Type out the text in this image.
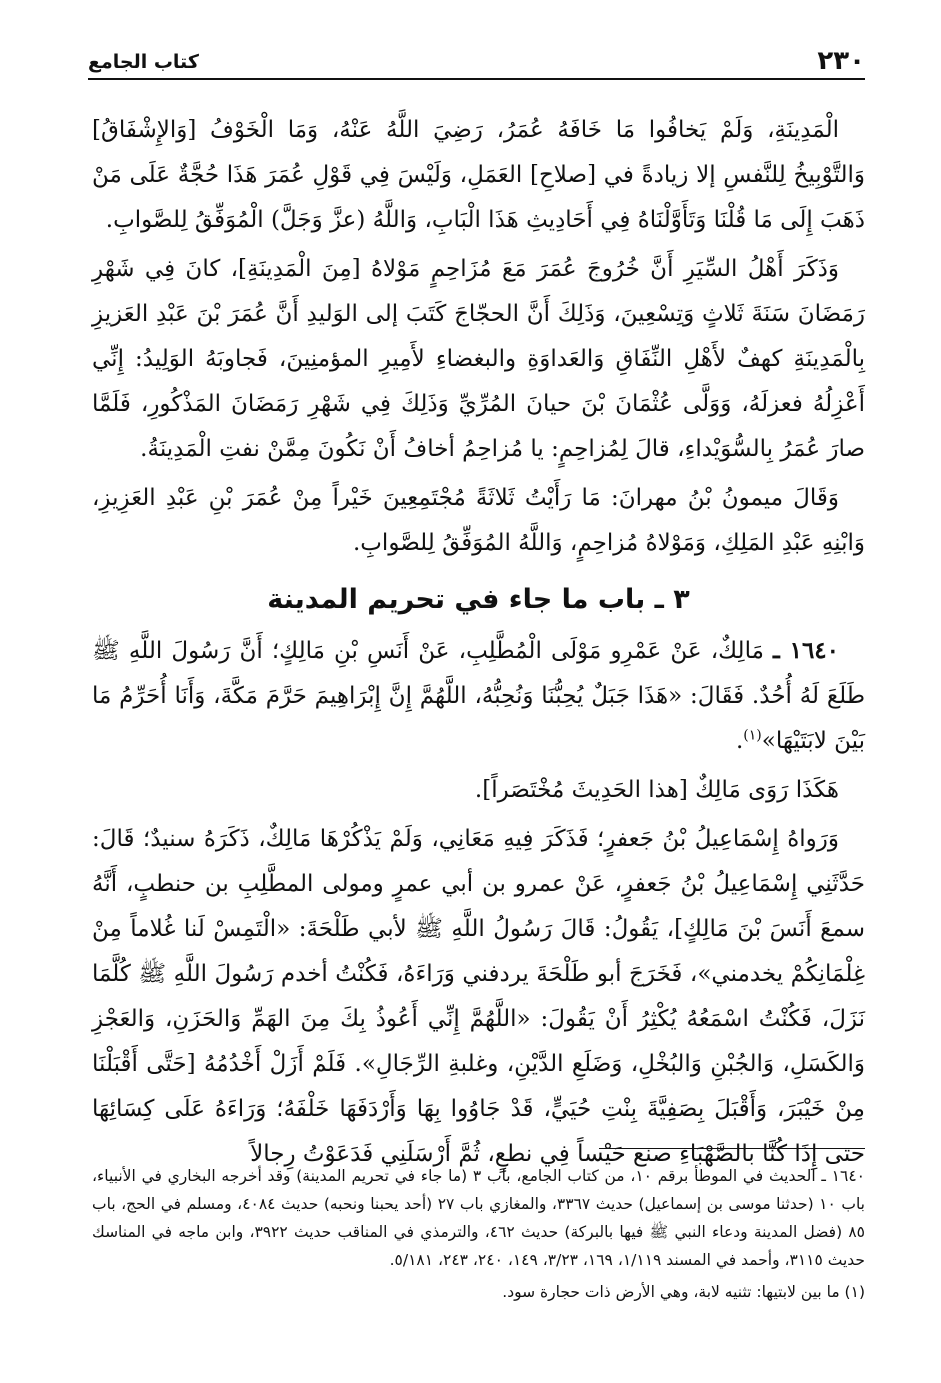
٢٣٠
كتاب الجامع

الْمَدِينَةِ، وَلَمْ يَخافُوا مَا خَافَهُ عُمَرُ، رَضِيَ اللَّهُ عَنْهُ، وَمَا الْخَوْفُ [وَالإِشْفَاقُ] وَالتَّوْبِيخُ لِلنَّفسِ إلا زيادةً في [صلاحِ] العَمَلِ، وَلَيْسَ فِي قَوْلِ عُمَرَ هَذَا حُجَّةٌ عَلَى مَنْ ذَهَبَ إِلَى مَا قُلْنَا وَتَأَوَّلْنَاهُ فِي أَحَادِيثِ هَذَا الْبَابِ، وَاللَّهُ (عزَّ وَجَلَّ) الْمُوَفِّقُ لِلصَّوابِ.

وَذَكَرَ أَهْلُ السِّيَرِ أَنَّ خُرُوجَ عُمَرَ مَعَ مُزَاحِمٍ مَوْلاهُ [مِنَ الْمَدِينَةِ]، كانَ فِي شَهْرِ رَمَضَانَ سَنَةَ ثَلاثٍ وَتِسْعِينَ، وَذَلِكَ أَنَّ الحجّاجَ كَتَبَ إلى الوَليدِ أَنَّ عُمَرَ بْنَ عَبْدِ العَزيزِ بِالْمَدِينَةِ كهفٌ لأَهْلِ النِّفَاقِ وَالعَداوَةِ والبغضاءِ لأَمِيرِ المؤمنِينَ، فَجاوبَهُ الوَلِيدُ: إِنِّي أَعْزِلُهُ فعزلَهُ، وَوَلَّى عُثْمَانَ بْنَ حيانَ المُرِّيِّ وَذَلِكَ فِي شَهْرِ رَمَضَانَ المَذْكُورِ، فَلَمَّا صارَ عُمَرُ بِالسُّوَيْداءِ، قالَ لِمُزاحِمٍ: يا مُزاحِمُ أخافُ أَنْ نَكُونَ مِمَّنْ نفتِ الْمَدِينَةُ.

وَقَالَ ميمونُ بْنُ مهرانَ: مَا رَأَيْتُ ثَلاثَةً مُجْتَمِعِينَ خَيْراً مِنْ عُمَرَ بْنِ عَبْدِ العَزِيزِ، وَابْنِهِ عَبْدِ المَلِكِ، وَمَوْلاهُ مُزاحِمٍ، وَاللَّهُ المُوَفِّقُ لِلصَّوابِ.

٣ ـ باب ما جاء في تحريم المدينة

١٦٤٠ ـ مَالِكٌ، عَنْ عَمْرِو مَوْلَى الْمُطَّلِبِ، عَنْ أَنَسِ بْنِ مَالِكٍ؛ أَنَّ رَسُولَ اللَّهِ ﷺ طَلَعَ لَهُ أُحُدٌ. فَقَالَ: «هَذَا جَبَلٌ يُحِبُّنَا وَنُحِبُّهُ، اللَّهُمَّ إِنَّ إِبْرَاهِيمَ حَرَّمَ مَكَّةَ، وَأَنَا أُحَرِّمُ مَا بَيْنَ لابَتَيْهَا»$^{(١)}$.

هَكَذَا رَوَى مَالِكٌ [هذا الحَدِيثَ مُخْتَصَراً].

وَرَواهُ إِسْمَاعِيلُ بْنُ جَعفرٍ؛ فَذَكَرَ فِيهِ مَعَانِي، وَلَمْ يَذْكُرْهَا مَالِكٌ، ذَكَرَهُ سنيدٌ؛ قَالَ: حَدَّثَنِي إِسْمَاعِيلُ بْنُ جَعفرٍ، عَنْ عمرو بن أبي عمرٍ ومولى المطَّلِبِ بن حنطبٍ، أَنَّهُ سمعَ أَنَسَ بْنَ مَالِكٍ]، يَقُولُ: قَالَ رَسُولُ اللَّهِ ﷺ لأبي طَلْحَةَ: «الْتَمِسْ لَنا غُلاماً مِنْ غِلْمَانِكُمْ يخدمني»، فَخَرَجَ أبو طَلْحَةَ يردفني وَرَاءَهُ، فَكُنْتُ أخدم رَسُولَ اللَّهِ ﷺ كُلَّمَا نَزَلَ، فَكُنْتُ اسْمَعُهُ يُكْثِرُ أَنْ يَقُولَ: «اللَّهُمَّ إِنِّي أَعُوذُ بِكَ مِنَ الهَمِّ وَالحَزَنِ، وَالعَجْزِ وَالكَسَلِ، وَالجُبْنِ وَالبُخْلِ، وَضَلَعِ الدَّيْنِ، وغلبةِ الرِّجَالِ». فَلَمْ أَزَلْ أَخْدُمُهُ [حَتَّى أَقْبَلْنَا مِنْ خَيْبَرَ، وَأَقْبَلَ بِصَفِيَّةَ بِنْتِ حُيَيٍّ، قَدْ جَاوُوا بِهَا وَأَرْدَفَهَا خَلْفَهُ؛ وَرَاءَهُ عَلَى كِسَائِهَا حتى إِذَا كُنَّا بالصَّهْبَاءِ صنع حَيْساً فِي نطعٍ، ثُمَّ أَرْسَلَنِي فَدَعَوْتُ رِجالاً

١٦٤٠ ـ الحديث في الموطأ برقم ١٠، من كتاب الجامع، باب ٣ (ما جاء في تحريم المدينة) وقد أخرجه البخاري في الأنبياء، باب ١٠ (حدثنا موسى بن إسماعيل) حديث ٣٣٦٧، والمغازي باب ٢٧ (أحد يحبنا ونحبه) حديث ٤٠٨٤، ومسلم في الحج، باب ٨٥ (فضل المدينة ودعاء النبي ﷺ فيها بالبركة) حديث ٤٦٢، والترمذي في المناقب حديث ٣٩٢٢، وابن ماجه في المناسك حديث ٣١١٥، وأحمد في المسند ١/١١٩، ١٦٩، ٣/٢٣، ١٤٩، ٢٤٠، ٢٤٣، ٥/١٨١.

(١) ما بين لابتيها: تثنيه لابة، وهي الأرض ذات حجارة سود.
